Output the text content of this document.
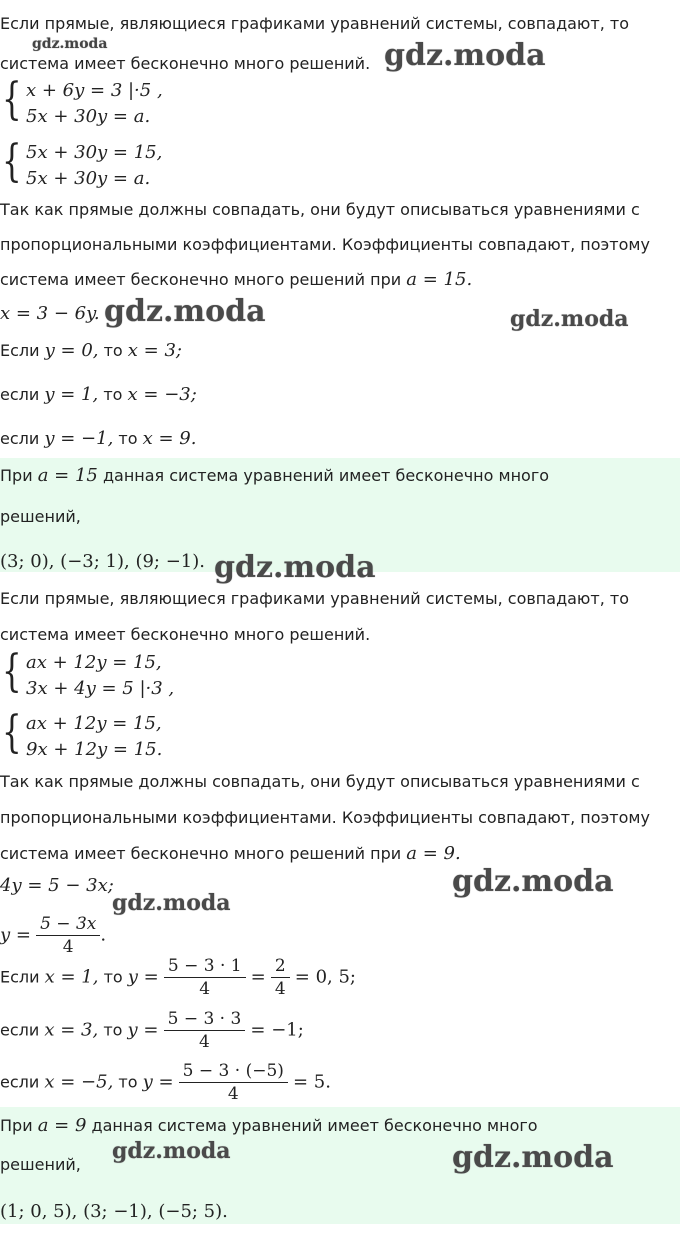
Если прямые, являющиеся графиками уравнений системы, совпадают, то
система имеет бесконечно много решений.
{ x + 6y = 3 |·5 ,
5x + 30y = a.
{ 5x + 30y = 15,
5x + 30y = a.
Так как прямые должны совпадать, они будут описываться уравнениями с
пропорциональными коэффициентами. Коэффициенты совпадают, поэтому
система имеет бесконечно много решений при a = 15.
x = 3 − 6y.
Если y = 0, то x = 3;
если y = 1, то x = −3;
если y = −1, то x = 9.
При a = 15 данная система уравнений имеет бесконечно много
решений,
(3; 0), (−3; 1), (9; −1).
Если прямые, являющиеся графиками уравнений системы, совпадают, то
система имеет бесконечно много решений.
{ ax + 12y = 15,
3x + 4y = 5 |·3 ,
{ ax + 12y = 15,
9x + 12y = 15.
Так как прямые должны совпадать, они будут описываться уравнениями с
пропорциональными коэффициентами. Коэффициенты совпадают, поэтому
система имеет бесконечно много решений при a = 9.
4y = 5 − 3x;
$y = \frac{5 - 3x}{4}$ .
Если x = 1, то $y = \frac{5 - 3 \cdot 1}{4} = \frac{2}{4} = 0$, 5;
если x = 3, то $y = \frac{5 - 3 \cdot 3}{4} = -1$;
если x = −5, то $y = \frac{5 - 3 \cdot (-5)}{4} = 5$.
При a = 9 данная система уравнений имеет бесконечно много
решений,
(1; 0, 5), (3; −1), (−5; 5).
gdz.moda	gdz.moda
gdz.moda	gdz.moda
gdz.moda
gdz.moda
gdz.moda
gdz.moda	gdz.moda
